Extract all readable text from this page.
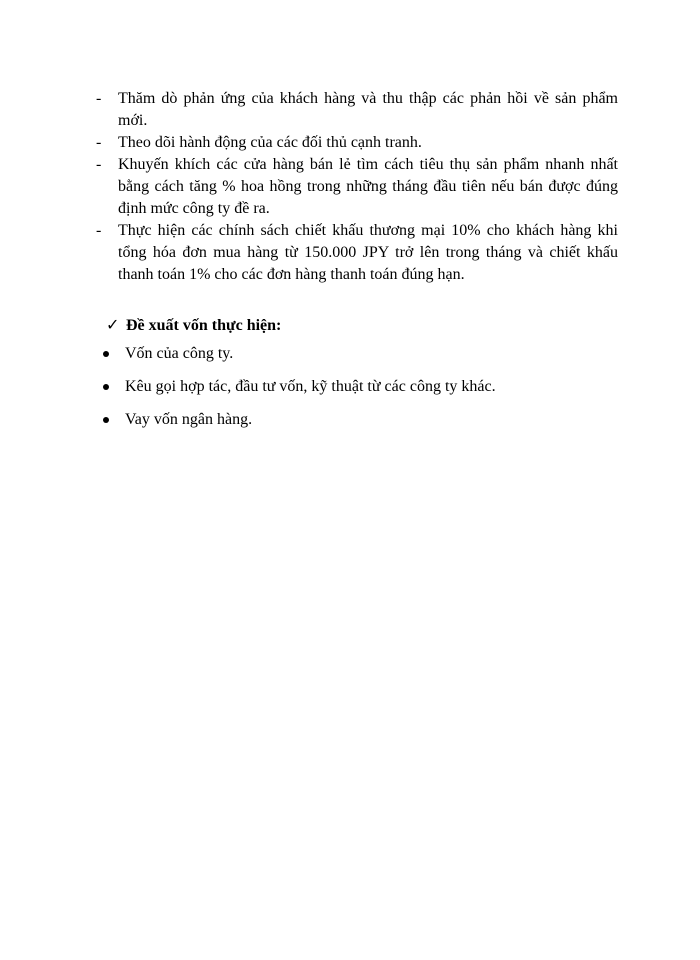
-	Thăm dò phản ứng của khách hàng và thu thập các phản hồi về sản phẩm mới.
-	Theo dõi hành động của các đối thủ cạnh tranh.
-	Khuyến khích các cửa hàng bán lẻ tìm cách tiêu thụ sản phẩm nhanh nhất bằng cách tăng % hoa hồng trong những tháng đầu tiên nếu bán được đúng định mức công ty đề ra.
-	Thực hiện các chính sách chiết khấu thương mại 10% cho khách hàng khi tổng hóa đơn mua hàng từ 150.000 JPY trở lên trong tháng và chiết khấu thanh toán 1% cho các đơn hàng thanh toán đúng hạn.
✓ Đề xuất vốn thực hiện:
Vốn của công ty.
Kêu gọi hợp tác, đầu tư vốn, kỹ thuật từ các công ty khác.
Vay vốn ngân hàng.
